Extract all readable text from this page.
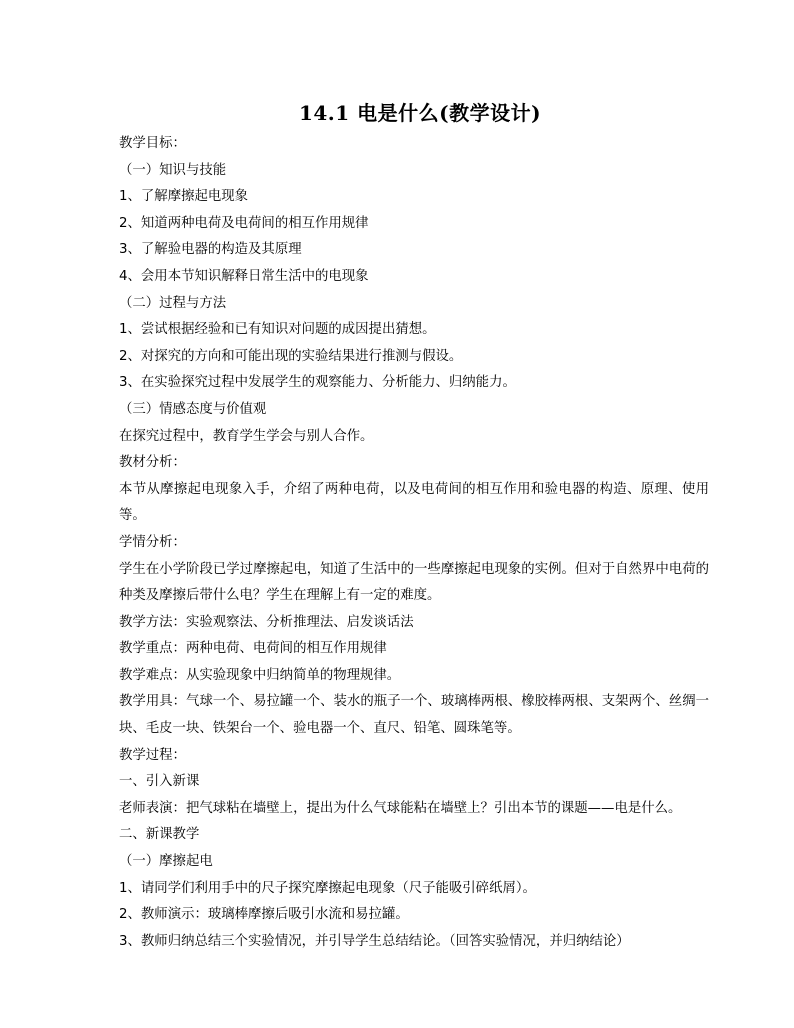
14.1 电是什么(教学设计)

教学目标：

（一）知识与技能

1、了解摩擦起电现象

2、知道两种电荷及电荷间的相互作用规律

3、了解验电器的构造及其原理

4、会用本节知识解释日常生活中的电现象

（二）过程与方法

1、尝试根据经验和已有知识对问题的成因提出猜想。

2、对探究的方向和可能出现的实验结果进行推测与假设。

3、在实验探究过程中发展学生的观察能力、分析能力、归纳能力。

（三）情感态度与价值观

在探究过程中，教育学生学会与别人合作。

教材分析：

本节从摩擦起电现象入手，介绍了两种电荷，以及电荷间的相互作用和验电器的构造、原理、使用等。

学情分析：

学生在小学阶段已学过摩擦起电，知道了生活中的一些摩擦起电现象的实例。但对于自然界中电荷的种类及摩擦后带什么电？学生在理解上有一定的难度。

教学方法：实验观察法、分析推理法、启发谈话法

教学重点：两种电荷、电荷间的相互作用规律

教学难点：从实验现象中归纳简单的物理规律。

教学用具：气球一个、易拉罐一个、装水的瓶子一个、玻璃棒两根、橡胶棒两根、支架两个、丝绸一块、毛皮一块、铁架台一个、验电器一个、直尺、铅笔、圆珠笔等。

教学过程：

一、引入新课

老师表演：把气球粘在墙壁上，提出为什么气球能粘在墙壁上？引出本节的课题——电是什么。

二、新课教学

（一）摩擦起电

1、请同学们利用手中的尺子探究摩擦起电现象（尺子能吸引碎纸屑）。

2、教师演示：玻璃棒摩擦后吸引水流和易拉罐。

3、教师归纳总结三个实验情况，并引导学生总结结论。（回答实验情况，并归纳结论）
